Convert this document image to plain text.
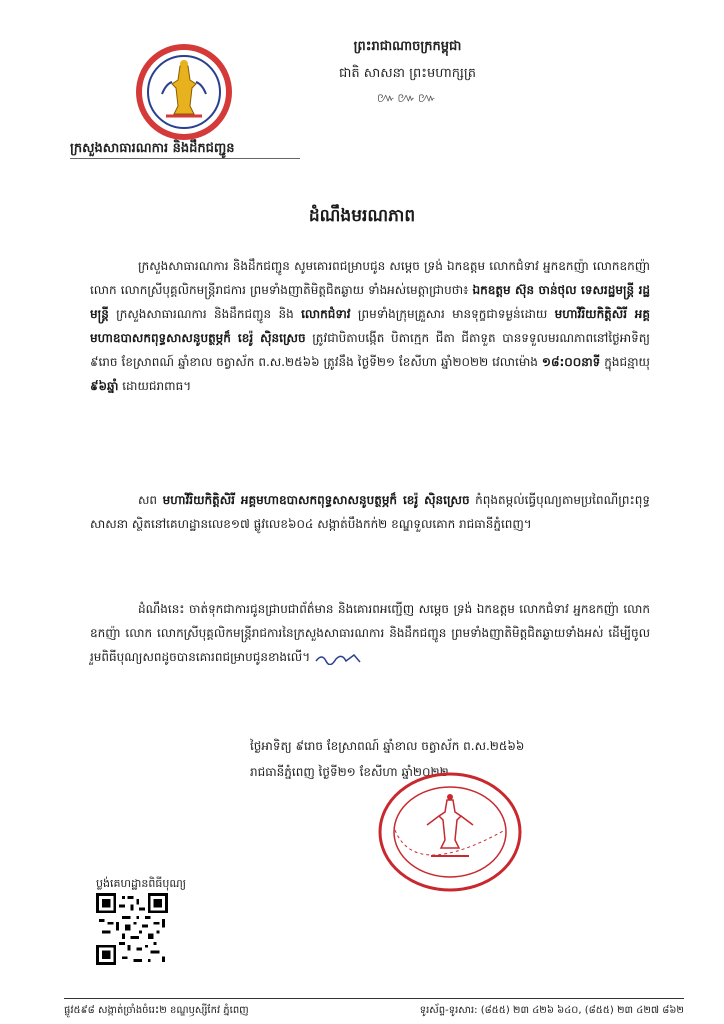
ព្រះរាជាណាចក្រកម្ពុជា
ជាតិ សាសនា ព្រះមហាក្សត្រ
៚៚៚
ក្រសួងសាធារណការ និងដឹកជញ្ជូន
ដំណឹងមរណភាព
ក្រសួងសាធារណការ និងដឹកជញ្ជូន សូមគោរពជម្រាបជូន សម្តេច ទ្រង់ ឯកឧត្តម លោកជំទាវ អ្នកឧកញ៉ា លោកឧកញ៉ា លោក លោកស្រីបុគ្គលិកមន្ត្រីរាជការ ព្រមទាំងញាតិមិត្តជិតឆ្ងាយ ទាំងអស់មេត្តាជ្រាបថា៖ ឯកឧត្តម ស៊ុន ចាន់ថុល ទេសរដ្ឋមន្ត្រី រដ្ឋមន្ត្រី ក្រសួងសាធារណការ និងដឹកជញ្ជូន និង លោកជំទាវ ព្រមទាំងក្រុមគ្រួសារ មានទុក្ខជាទម្ងន់ដោយ មហាវិរិយកិត្តិសិរី អគ្គមហាឧបាសកពុទ្ធសាសនូបត្ថម្ភក៏ ខេរ៉ូ ស៊ិនស្រេច ត្រូវជាបិតាបង្កើត បិតាក្មេក ជីតា ជីតាទួត បានទទួលមរណភាពនៅថ្ងៃអាទិត្យ ៩រោច ខែស្រាពណ៍ ឆ្នាំខាល ចត្វាស័ក ព.ស.២៥៦៦ ត្រូវនឹង ថ្ងៃទី២១ ខែសីហា ឆ្នាំ២០២២ វេលាម៉ោង ១៨:០០នាទី ក្នុងជន្មាយុ ៩៦ឆ្នាំ ដោយជរាពាធ។
សព មហាវិរិយកិត្តិសិរី អគ្គមហាឧបាសកពុទ្ធសាសនូបត្ថម្ភក៏ ខេរ៉ូ ស៊ិនស្រេច កំពុងតម្កល់ធ្វើបុណ្យតាមប្រពៃណីព្រះពុទ្ធសាសនា ស្ថិតនៅគេហដ្ឋានលេខ១៧ ផ្លូវលេខ៦០៤ សង្កាត់បឹងកក់២ ខណ្ឌទួលគោក រាជធានីភ្នំពេញ។
ដំណឹងនេះ ចាត់ទុកជាការជូនជ្រាបជាព័ត៌មាន និងគោរពអញ្ជើញ សម្តេច ទ្រង់ ឯកឧត្តម លោកជំទាវ អ្នកឧកញ៉ា លោកឧកញ៉ា លោក លោកស្រីបុគ្គលិកមន្ត្រីរាជការនៃក្រសួងសាធារណការ និងដឹកជញ្ជូន ព្រមទាំងញាតិមិត្តជិតឆ្ងាយទាំងអស់ ដើម្បីចូលរួមពិធីបុណ្យសពដូចបានគោរពជម្រាបជូនខាងលើ។
ថ្ងៃអាទិត្យ ៩រោច ខែស្រាពណ៍ ឆ្នាំខាល ចត្វាស័ក ព.ស.២៥៦៦
រាជធានីភ្នំពេញ ថ្ងៃទី២១ ខែសីហា ឆ្នាំ២០២២
ប្លង់គេហដ្ឋានពិធីបុណ្យ
ផ្លូវ៥៩៨ សង្កាត់ច្រាំងចំរេះ២ ខណ្ឌឫស្សីកែវ ភ្នំពេញ	ទូរស័ព្ទ-ទូរសារ: (៨៥៥) ២៣ ៤២៦ ៦៤០, (៨៥៥) ២៣ ៤២៧ ៨៦២
